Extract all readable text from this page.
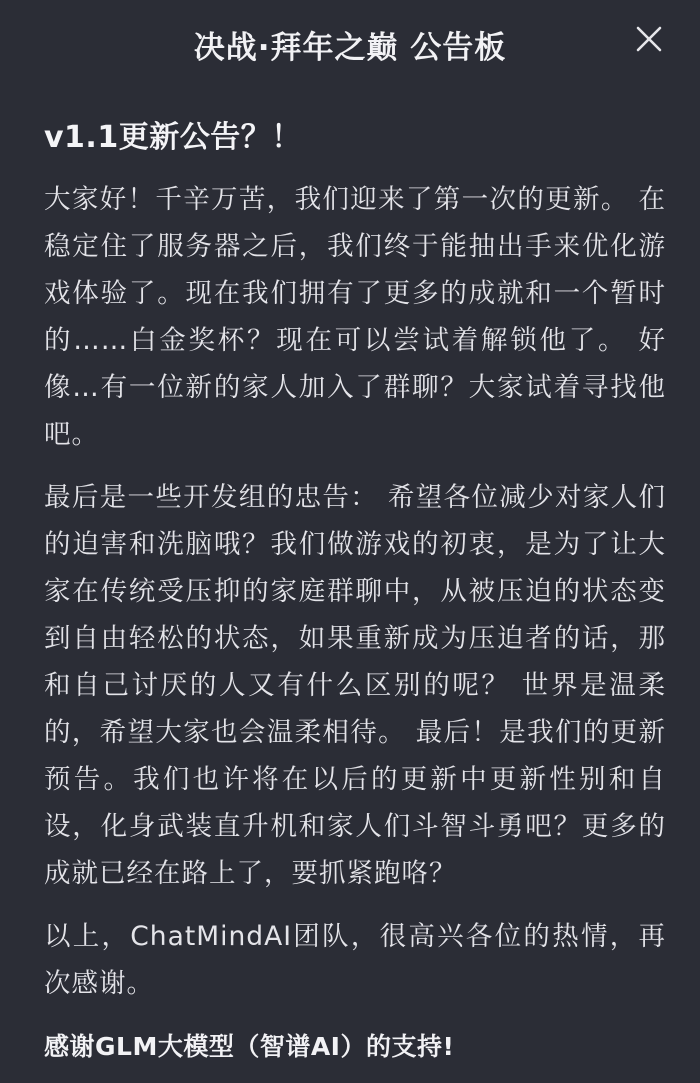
决战·拜年之巅 公告板
v1.1更新公告？！

大家好！千辛万苦，我们迎来了第一次的更新。 在稳定住了服务器之后，我们终于能抽出手来优化游戏体验了。现在我们拥有了更多的成就和一个暂时的……白金奖杯？现在可以尝试着解锁他了。 好像…有一位新的家人加入了群聊？大家试着寻找他吧。

最后是一些开发组的忠告： 希望各位减少对家人们的迫害和洗脑哦？我们做游戏的初衷，是为了让大家在传统受压抑的家庭群聊中，从被压迫的状态变到自由轻松的状态，如果重新成为压迫者的话，那和自己讨厌的人又有什么区别的呢？ 世界是温柔的，希望大家也会温柔相待。 最后！是我们的更新预告。我们也许将在以后的更新中更新性别和自设，化身武装直升机和家人们斗智斗勇吧？更多的成就已经在路上了，要抓紧跑咯？

以上，ChatMindAI团队，很高兴各位的热情，再次感谢。

感谢GLM大模型（智谱AI）的支持!
